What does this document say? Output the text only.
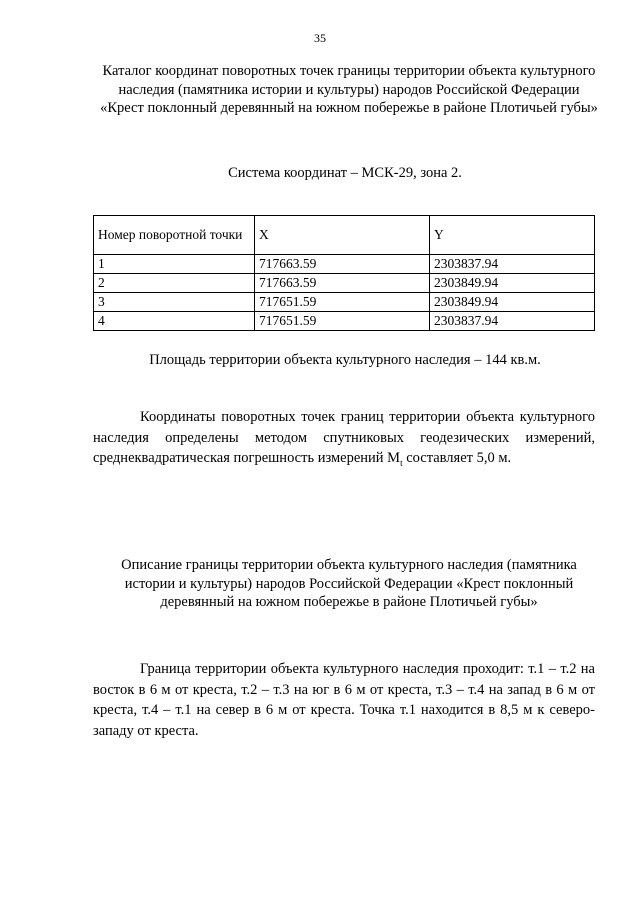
35
Каталог координат поворотных точек границы территории объекта культурного наследия (памятника истории и культуры) народов Российской Федерации «Крест поклонный деревянный на южном побережье в районе Плотичьей губы»
Система координат – МСК-29, зона 2.
Номер поворотной точки	X	Y
1	717663.59	2303837.94
2	717663.59	2303849.94
3	717651.59	2303849.94
4	717651.59	2303837.94
Площадь территории объекта культурного наследия – 144 кв.м.
Координаты поворотных точек границ территории объекта культурного наследия определены методом спутниковых геодезических измерений, среднеквадратическая погрешность измерений $M_t$ составляет 5,0 м.
Описание границы территории объекта культурного наследия (памятника истории и культуры) народов Российской Федерации «Крест поклонный деревянный на южном побережье в районе Плотичьей губы»
Граница территории объекта культурного наследия проходит: т.1 – т.2 на восток в 6 м от креста, т.2 – т.3 на юг в 6 м от креста, т.3 – т.4 на запад в 6 м от креста, т.4 – т.1 на север в 6 м от креста. Точка т.1 находится в 8,5 м к северо-западу от креста.
